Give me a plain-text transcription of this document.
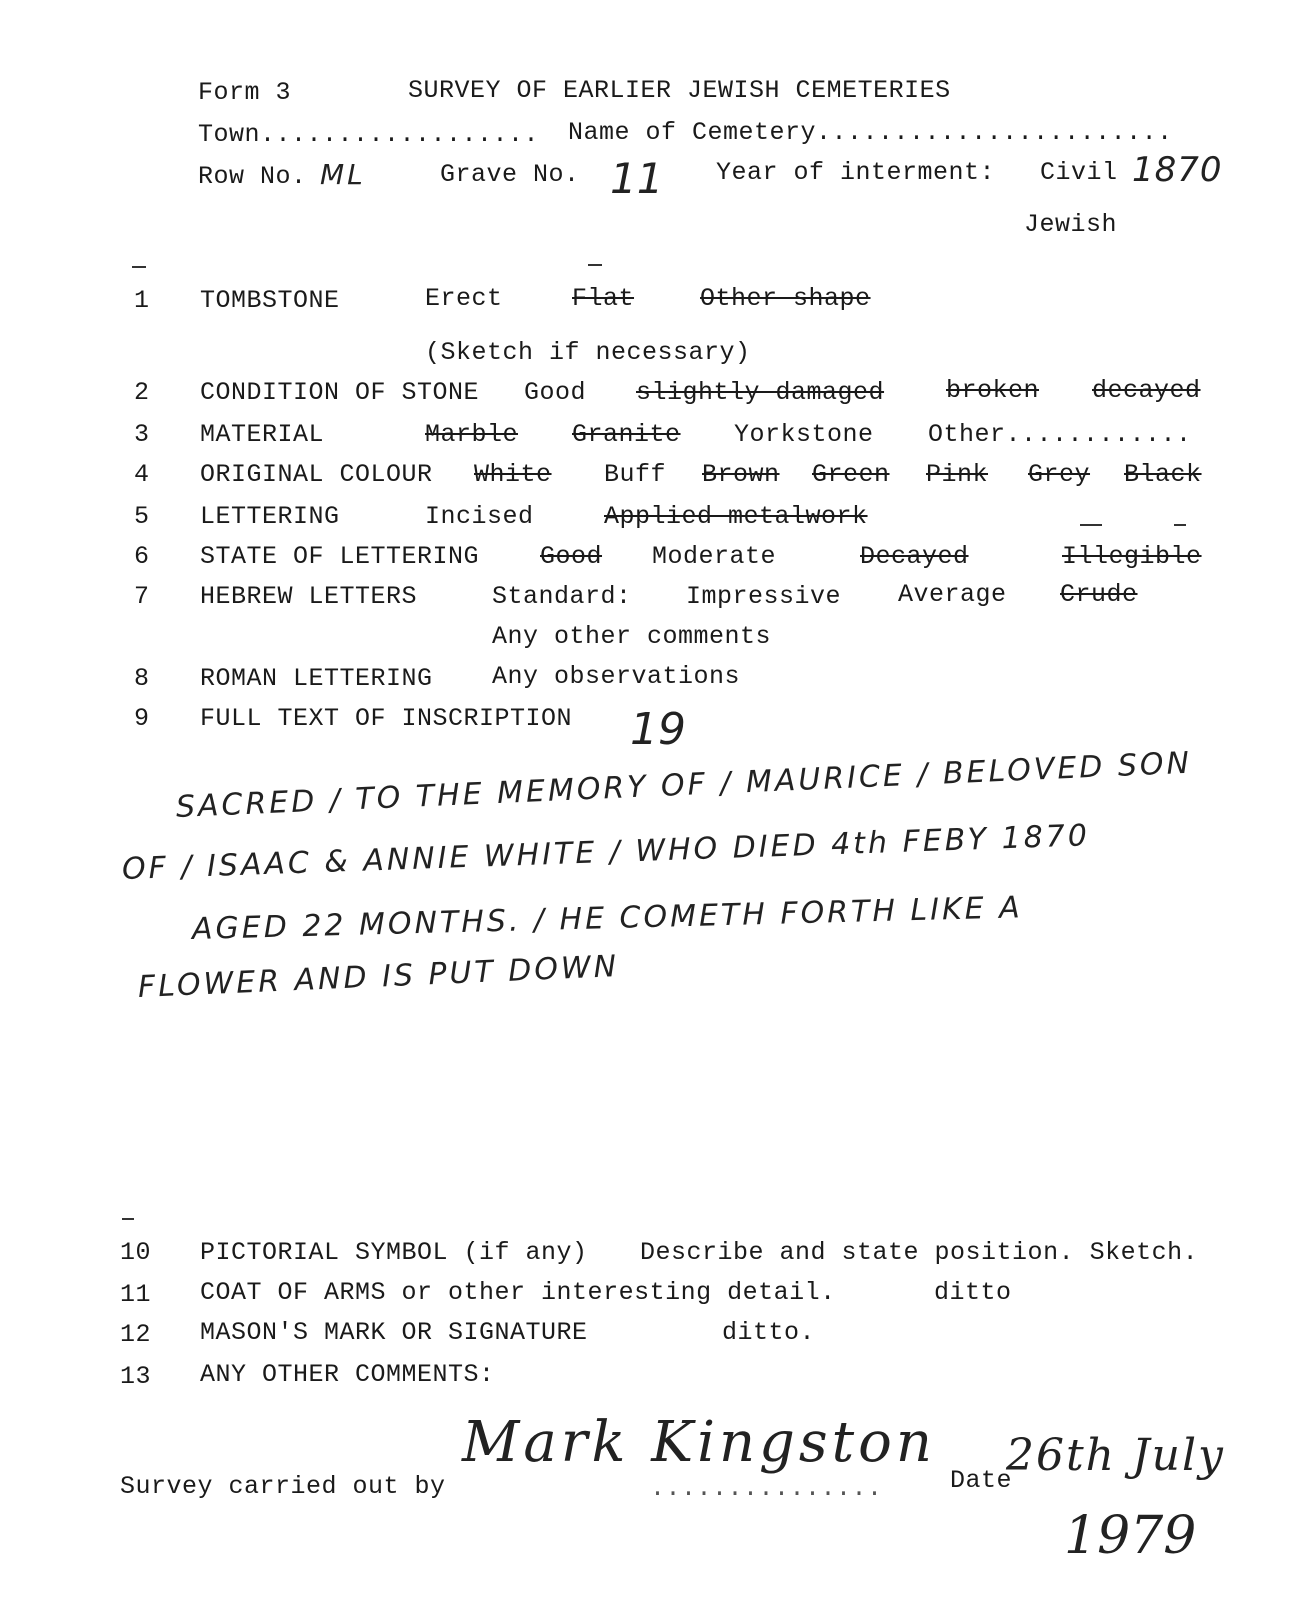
Form 3	SURVEY OF EARLIER JEWISH CEMETERIES
Town.................. Name of Cemetery.......................
Row No. ML	Grave No. 11 Year of interment: Civil 1870
Jewish
1 TOMBSTONE	Erect	Flat	Other shape
(Sketch if necessary)
2 CONDITION OF STONE Good slightly damaged broken decayed
3 MATERIAL	Marble Granite Yorkstone Other............
4 ORIGINAL COLOUR White Buff Brown Green Pink Grey Black
5 LETTERING	Incised	Applied metalwork
6 STATE OF LETTERING Good Moderate	Decayed	Illegible
7 HEBREW LETTERS	Standard: Impressive Average Crude
Any other comments
8 ROMAN LETTERING Any observations
9 FULL TEXT OF INSCRIPTION 19
SACRED / TO THE MEMORY OF / MAURICE / BELOVED SON
OF / ISAAC & ANNIE WHITE / WHO DIED 4th FEBY 1870
AGED 22 MONTHS. / HE COMETH FORTH LIKE A
FLOWER AND IS PUT DOWN
10 PICTORIAL SYMBOL (if any) Describe and state position. Sketch.
11 COAT OF ARMS or other interesting detail.	ditto
12 MASON'S MARK OR SIGNATURE	ditto.
13 ANY OTHER COMMENTS:
Survey carried out by
Mark Kingston
...............	Date
26th July
1979
